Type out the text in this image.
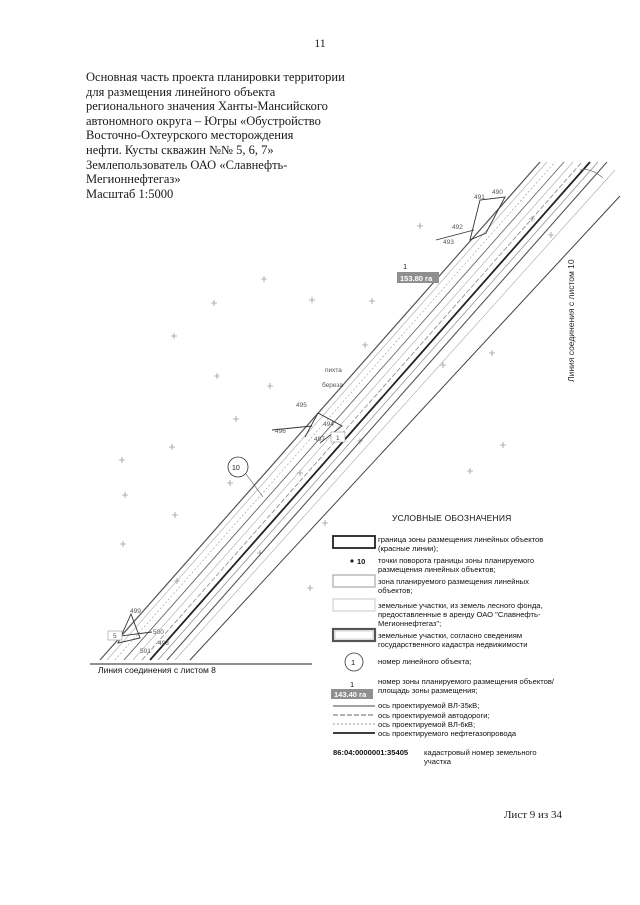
11
Основная часть проекта планировки территории
для размещения линейного объекта
регионального значения Ханты-Мансийского
автономного округа – Югры «Обустройство
Восточно-Охтеурского месторождения
нефти. Кусты скважин №№ 5, 6, 7»
Землепользователь ОАО «Славнефть-
Мегионнефтегаз»
Масштаб 1:5000	491
490
492
493
1
153.80 га	Линия соединения с листом 10
пихта
береза
495
494
496
497 1
10
499
5
500
498
501
Линия соединения с листом 8
10
1
1
143.40 га
УСЛОВНЫЕ ОБОЗНАЧЕНИЯ
граница зоны размещения линейных объектов (красные линии);
точки поворота границы зоны планируемого размещения линейных объектов;
зона планируемого размещения линейных объектов;
земельные участки, из земель лесного фонда, предоставленные в аренду ОАО "Славнефть-Мегионнефтегаз";
земельные участки, согласно сведениям государственного кадастра недвижимости
номер линейного объекта;
номер зоны планируемого размещения объектов/площадь зоны размещения;
ось проектируемой ВЛ-35кВ;
ось проектируемой автодороги;
ось проектируемой ВЛ-6кВ;
ось проектируемого нефтегазопровода
86:04:0000001:35405 кадастровый номер земельного участка
Лист 9 из 34
